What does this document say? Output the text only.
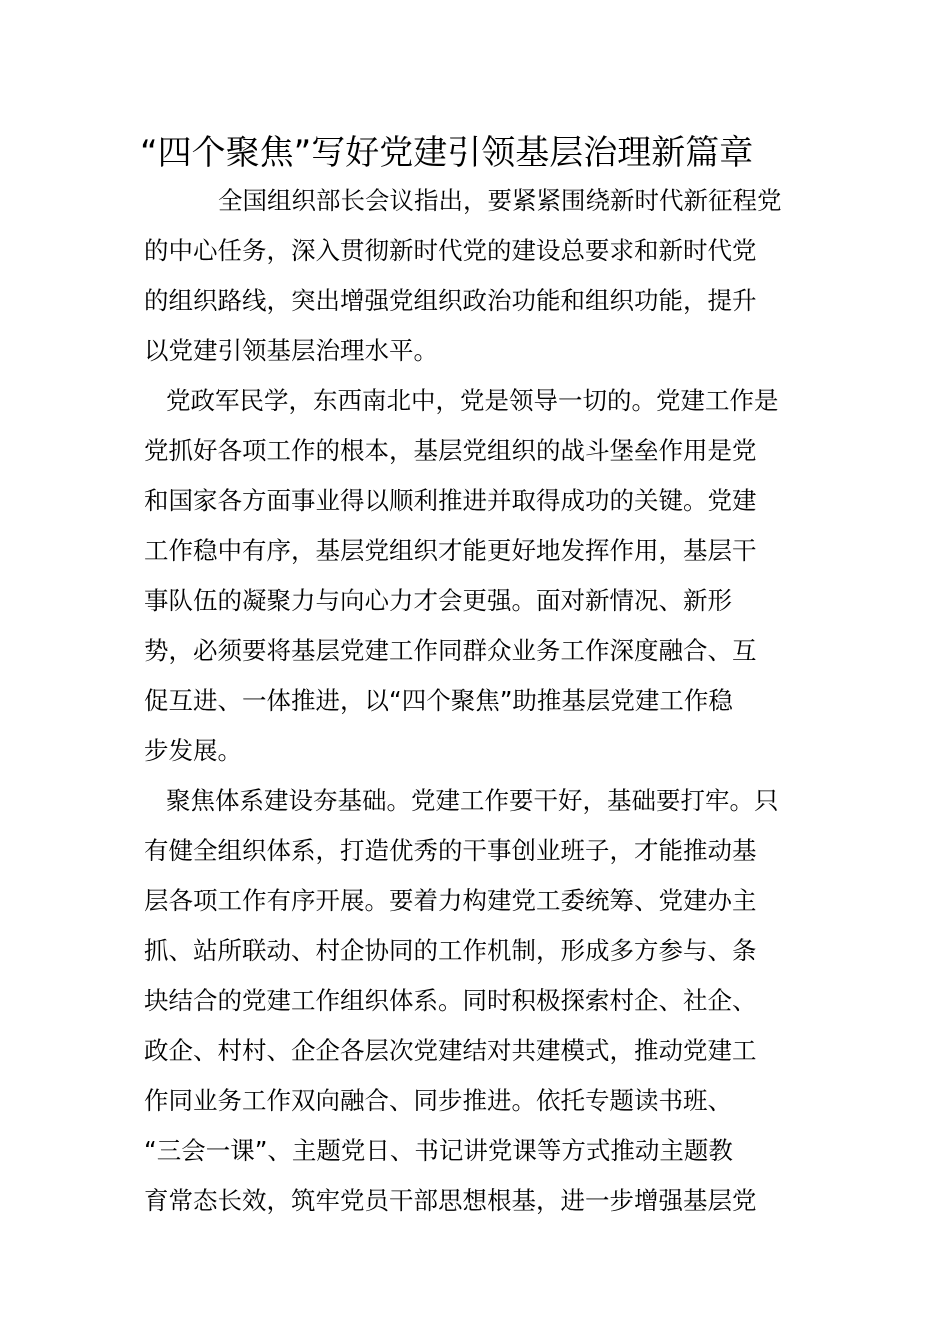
“四个聚焦”写好党建引领基层治理新篇章
全国组织部长会议指出，要紧紧围绕新时代新征程党
的中心任务，深入贯彻新时代党的建设总要求和新时代党
的组织路线，突出增强党组织政治功能和组织功能，提升
以党建引领基层治理水平。
党政军民学，东西南北中，党是领导一切的。党建工作是
党抓好各项工作的根本，基层党组织的战斗堡垒作用是党
和国家各方面事业得以顺利推进并取得成功的关键。党建
工作稳中有序，基层党组织才能更好地发挥作用，基层干
事队伍的凝聚力与向心力才会更强。面对新情况、新形
势，必须要将基层党建工作同群众业务工作深度融合、互
促互进、一体推进，以“四个聚焦”助推基层党建工作稳
步发展。
聚焦体系建设夯基础。党建工作要干好，基础要打牢。只
有健全组织体系，打造优秀的干事创业班子，才能推动基
层各项工作有序开展。要着力构建党工委统筹、党建办主
抓、站所联动、村企协同的工作机制，形成多方参与、条
块结合的党建工作组织体系。同时积极探索村企、社企、
政企、村村、企企各层次党建结对共建模式，推动党建工
作同业务工作双向融合、同步推进。依托专题读书班、
“三会一课”、主题党日、书记讲党课等方式推动主题教
育常态长效，筑牢党员干部思想根基，进一步增强基层党
